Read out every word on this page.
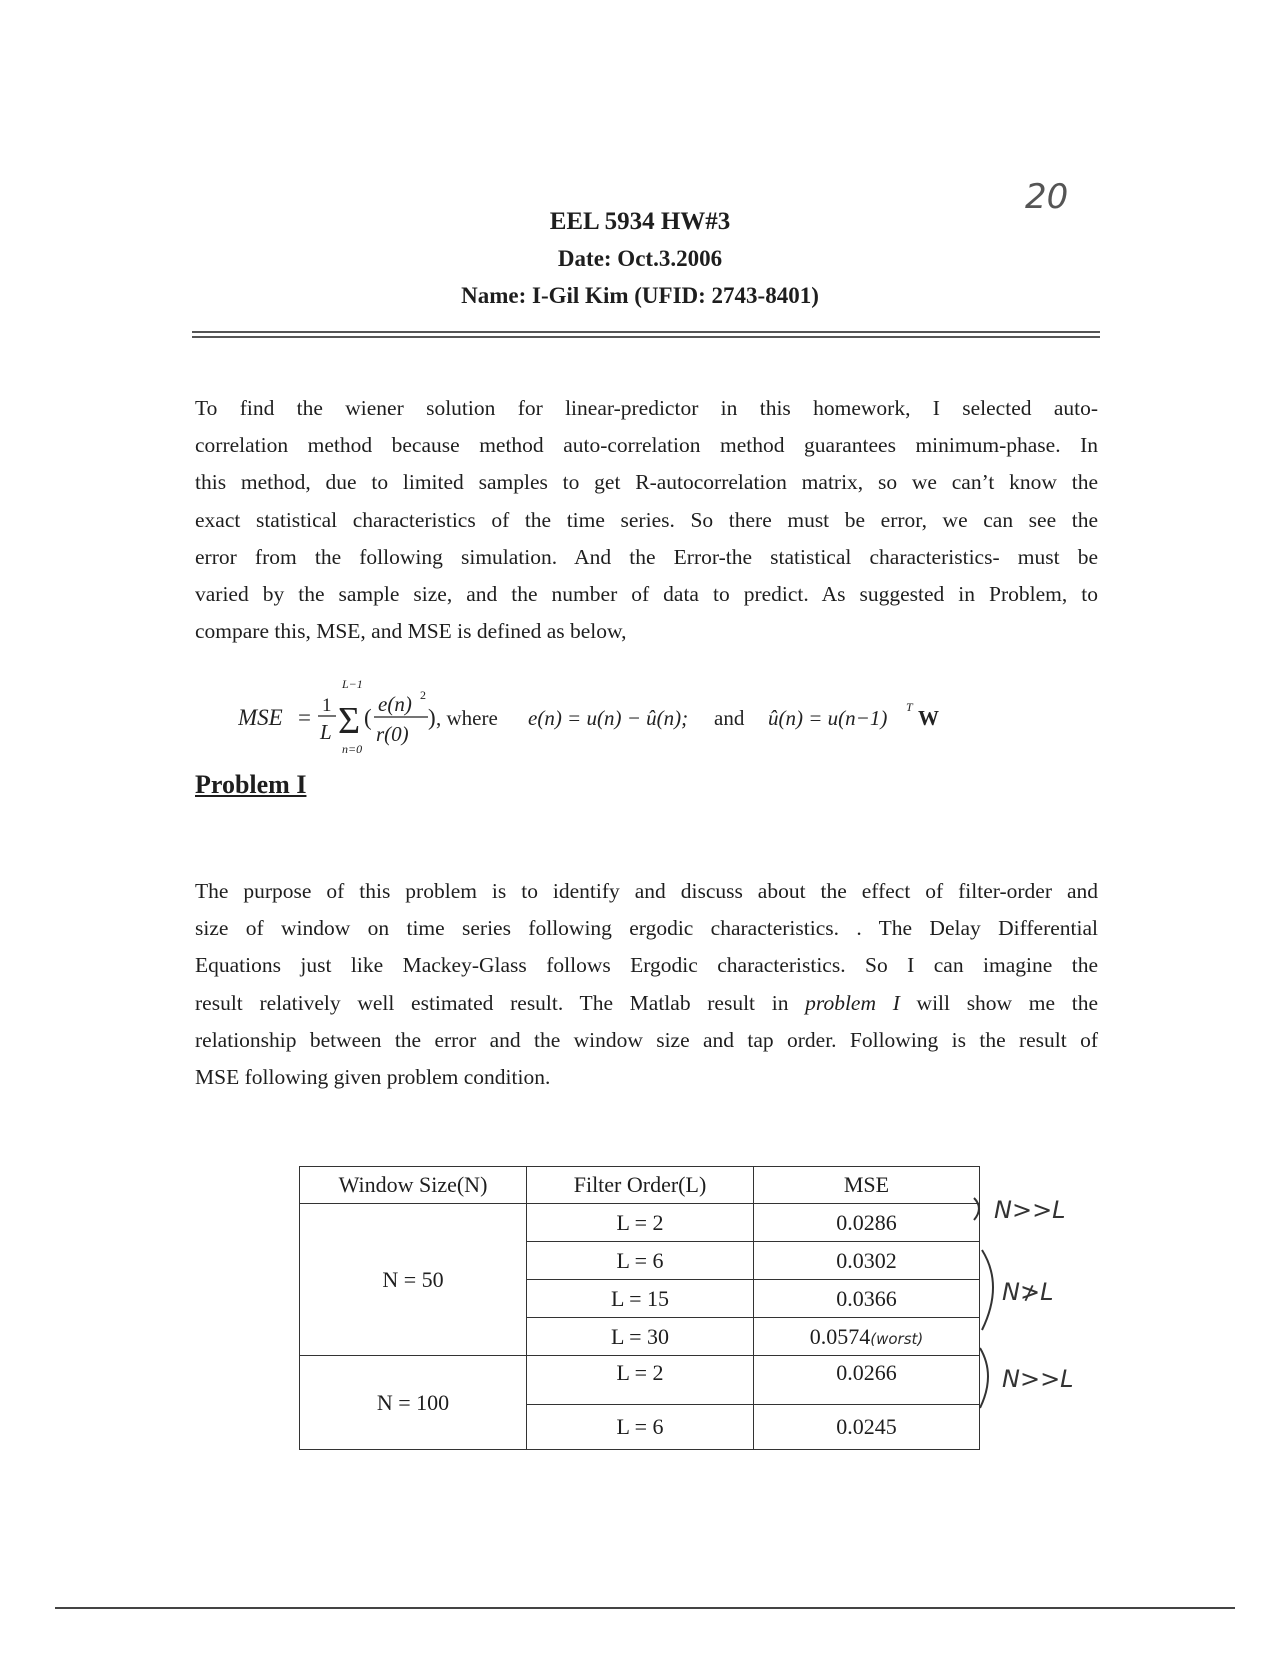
20
EEL 5934 HW#3
Date: Oct.3.2006
Name: I-Gil Kim (UFID: 2743-8401)

To find the wiener solution for linear-predictor in this homework, I selected auto-
correlation method because method auto-correlation method guarantees minimum-phase. In
this method, due to limited samples to get R-autocorrelation matrix, so we can’t know the
exact statistical characteristics of the time series. So there must be error, we can see the
error from the following simulation. And the Error-the statistical characteristics- must be
varied by the sample size, and the number of data to predict. As suggested in Problem, to
compare this, MSE, and MSE is defined as below,

MSE = 1
L
L−1
Σ
n=0
(
e(n) 2
r(0)
) , where e(n) = u(n) − û(n); and û(n) = u(n−1) T W
Problem I

The purpose of this problem is to identify and discuss about the effect of filter-order and
size of window on time series following ergodic characteristics. . The Delay Differential
Equations just like Mackey-Glass follows Ergodic characteristics. So I can imagine the
result relatively well estimated result. The Matlab result in problem I will show me the
relationship between the error and the window size and tap order. Following is the result of
MSE following given problem condition.

Window Size(N)	Filter Order(L)	MSE
N = 50	L = 2	0.0286
	L = 6	0.0302
	L = 15	0.0366
	L = 30	0.0574(worst)
N = 100	L = 2	0.0266
	L = 6	0.0245
N>>L
N≯L
N>>L
